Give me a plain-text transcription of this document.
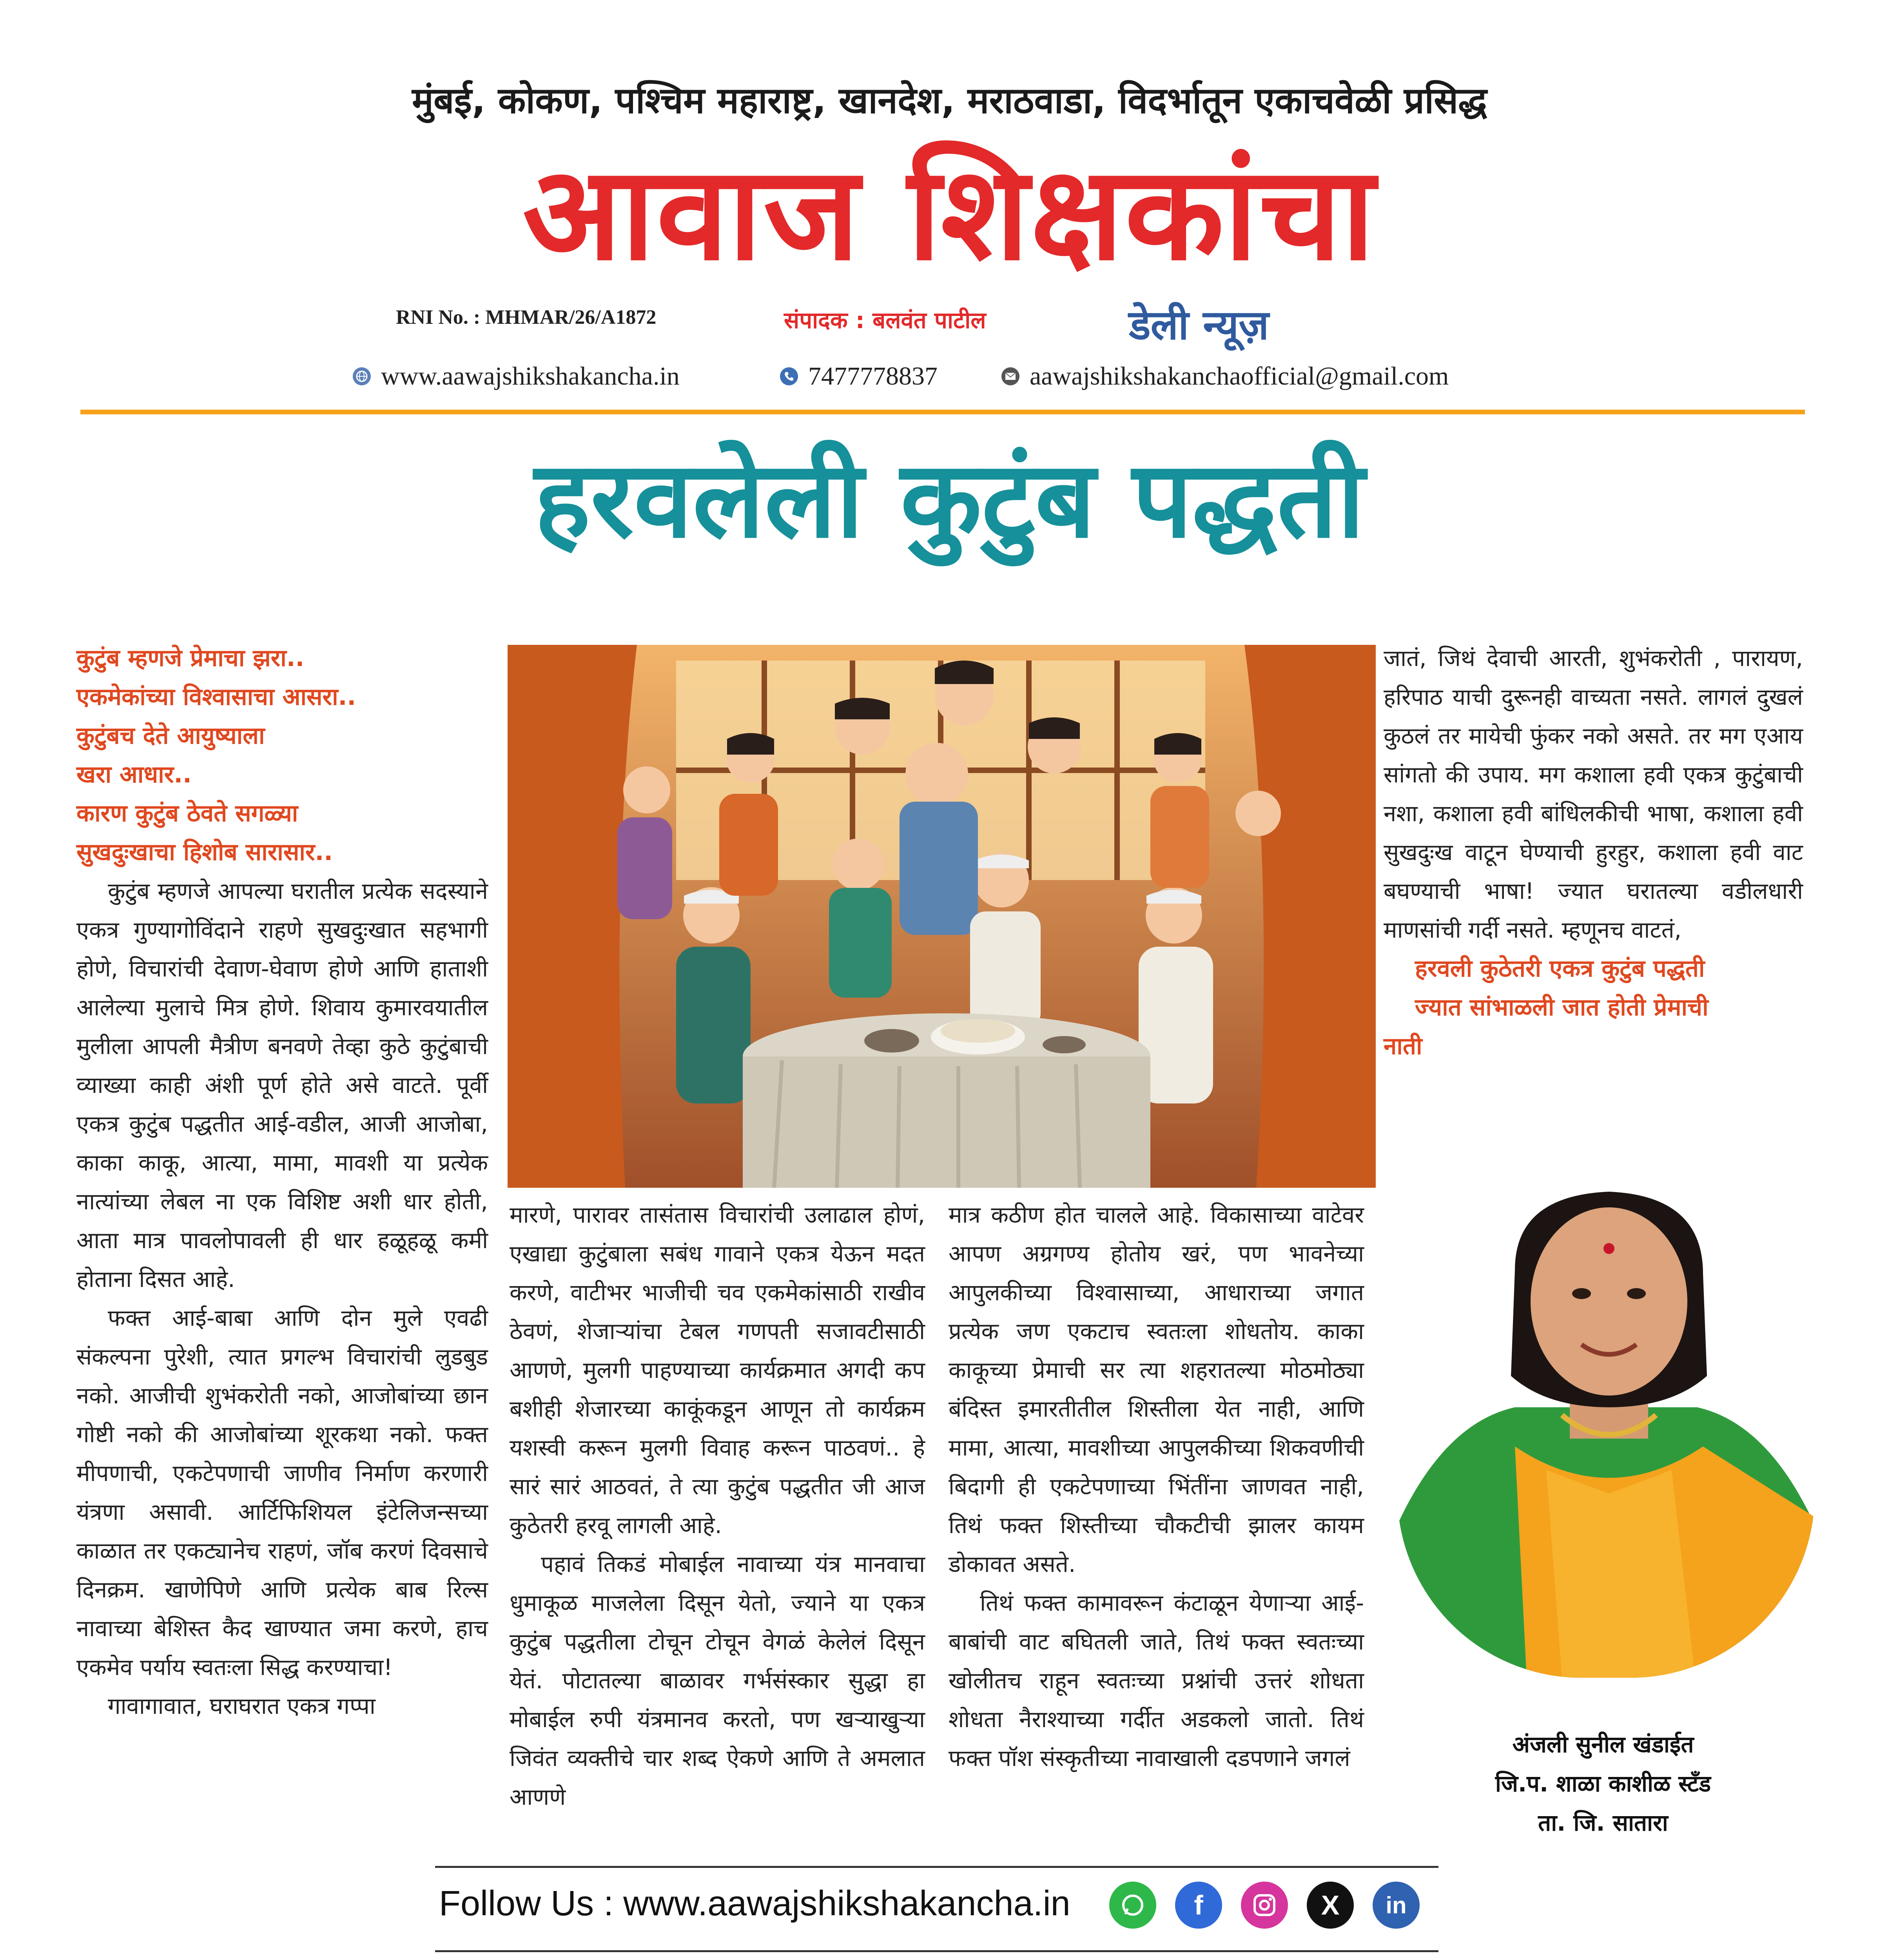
मुंबई, कोकण, पश्चिम महाराष्ट्र, खानदेश, मराठवाडा, विदर्भातून एकाचवेळी प्रसिद्ध
आवाज शिक्षकांचा
RNI No. : MHMAR/26/A1872	संपादक : बलवंत पाटील	डेली न्यूज़
www.aawajshikshakancha.in	7477778837	aawajshikshakanchaofficial@gmail.com
हरवलेली कुटुंब पद्धती
कुटुंब म्हणजे प्रेमाचा झरा..
एकमेकांच्या विश्वासाचा आसरा..
कुटुंबच देते आयुष्याला
खरा आधार..
कारण कुटुंब ठेवते सगळ्या
सुखदुःखाचा हिशोब सारासार..

कुटुंब म्हणजे आपल्या घरातील प्रत्येक सदस्याने एकत्र गुण्यागोविंदाने राहणे सुखदुःखात सहभागी होणे, विचारांची देवाण-घेवाण होणे आणि हाताशी आलेल्या मुलाचे मित्र होणे. शिवाय कुमारवयातील मुलीला आपली मैत्रीण बनवणे तेव्हा कुठे कुटुंबाची व्याख्या काही अंशी पूर्ण होते असे वाटते. पूर्वी एकत्र कुटुंब पद्धतीत आई-वडील, आजी आजोबा, काका काकू, आत्या, मामा, मावशी या प्रत्येक नात्यांच्या लेबल ना एक विशिष्ट अशी धार होती, आता मात्र पावलोपावली ही धार हळूहळू कमी होताना दिसत आहे.

फक्त आई-बाबा आणि दोन मुले एवढी संकल्पना पुरेशी, त्यात प्रगल्भ विचारांची लुडबुड नको. आजीची शुभंकरोती नको, आजोबांच्या छान गोष्टी नको की आजोबांच्या शूरकथा नको. फक्त मीपणाची, एकटेपणाची जाणीव निर्माण करणारी यंत्रणा असावी. आर्टिफिशियल इंटेलिजन्सच्या काळात तर एकट्यानेच राहणं, जॉब करणं दिवसाचे दिनक्रम. खाणेपिणे आणि प्रत्येक बाब रिल्स नावाच्या बेशिस्त कैद खाण्यात जमा करणे, हाच एकमेव पर्याय स्वतःला सिद्ध करण्याचा!

गावागावात, घराघरात एकत्र गप्पा

मारणे, पारावर तासंतास विचारांची उलाढाल होणं, एखाद्या कुटुंबाला सबंध गावाने एकत्र येऊन मदत करणे, वाटीभर भाजीची चव एकमेकांसाठी राखीव ठेवणं, शेजाऱ्यांचा टेबल गणपती सजावटीसाठी आणणे, मुलगी पाहण्याच्या कार्यक्रमात अगदी कप बशीही शेजारच्या काकूंकडून आणून तो कार्यक्रम यशस्वी करून मुलगी विवाह करून पाठवणं.. हे सारं सारं आठवतं, ते त्या कुटुंब पद्धतीत जी आज कुठेतरी हरवू लागली आहे.

पहावं तिकडं मोबाईल नावाच्या यंत्र मानवाचा धुमाकूळ माजलेला दिसून येतो, ज्याने या एकत्र कुटुंब पद्धतीला टोचून टोचून वेगळं केलेलं दिसून येतं. पोटातल्या बाळावर गर्भसंस्कार सुद्धा हा मोबाईल रुपी यंत्रमानव करतो, पण खऱ्याखुऱ्या जिवंत व्यक्तीचे चार शब्द ऐकणे आणि ते अमलात आणणे

मात्र कठीण होत चालले आहे. विकासाच्या वाटेवर आपण अग्रगण्य होतोय खरं, पण भावनेच्या आपुलकीच्या विश्वासाच्या, आधाराच्या जगात प्रत्येक जण एकटाच स्वतःला शोधतोय. काका काकूच्या प्रेमाची सर त्या शहरातल्या मोठमोठ्या बंदिस्त इमारतीतील शिस्तीला येत नाही, आणि मामा, आत्या, मावशीच्या आपुलकीच्या शिकवणीची बिदागी ही एकटेपणाच्या भिंतींना जाणवत नाही, तिथं फक्त शिस्तीच्या चौकटीची झालर कायम डोकावत असते.

तिथं फक्त कामावरून कंटाळून येणाऱ्या आई-बाबांची वाट बघितली जाते, तिथं फक्त स्वतःच्या खोलीतच राहून स्वतःच्या प्रश्नांची उत्तरं शोधता शोधता नैराश्याच्या गर्दीत अडकलो जातो. तिथं फक्त पॉश संस्कृतीच्या नावाखाली दडपणाने जगलं

जातं, जिथं देवाची आरती, शुभंकरोती , पारायण, हरिपाठ याची दुरूनही वाच्यता नसते. लागलं दुखलं कुठलं तर मायेची फुंकर नको असते. तर मग एआय सांगतो की उपाय. मग कशाला हवी एकत्र कुटुंबाची नशा, कशाला हवी बांधिलकीची भाषा, कशाला हवी सुखदुःख वाटून घेण्याची हुरहुर, कशाला हवी वाट बघण्याची भाषा! ज्यात घरातल्या वडीलधारी माणसांची गर्दी नसते. म्हणूनच वाटतं,

हरवली कुठेतरी एकत्र कुटुंब पद्धती
ज्यात सांभाळली जात होती प्रेमाची
नाती
अंजली सुनील खंडाईत
जि.प. शाळा काशीळ स्टँड
ता. जि. सातारा
Follow Us : www.aawajshikshakancha.in	f	X	in
